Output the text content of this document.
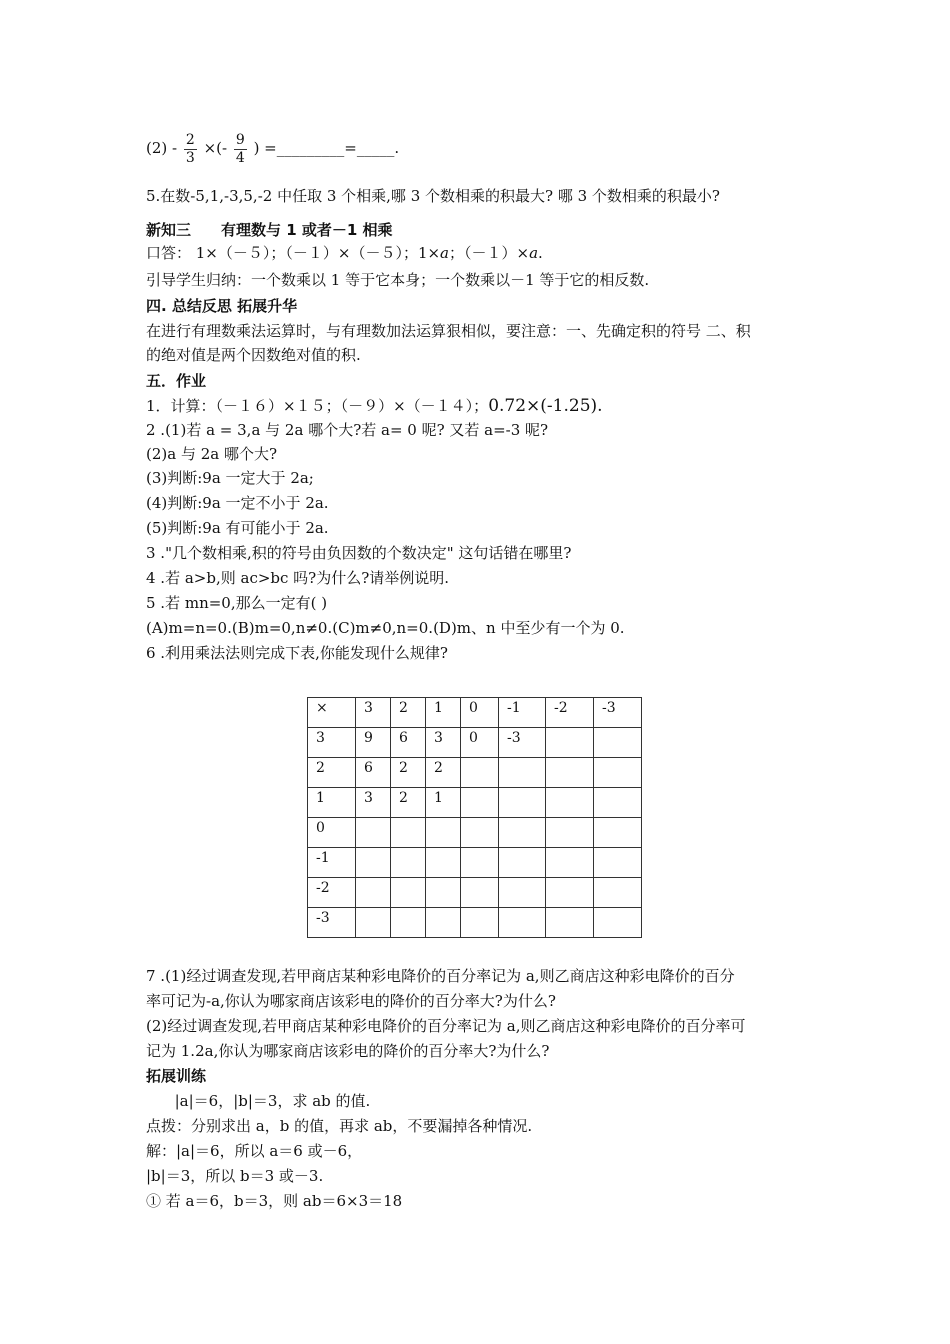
$(2) - \frac{2}{3}$ ×(- $\frac{9}{4}$ ) =_________=_____.
5.在数-5,1,-3,5,-2 中任取 3 个相乘,哪 3 个数相乘的积最大? 哪 3 个数相乘的积最小?
新知三 有理数与 1 或者－1 相乘
口答： 1×（－５）；（－１）×（－５）；1×𝑎；（－１）×𝑎.
引导学生归纳：一个数乘以 1 等于它本身；一个数乘以－1 等于它的相反数.
四. 总结反思 拓展升华
在进行有理数乘法运算时，与有理数加法运算狠相似，要注意：一、先确定积的符号 二、积
的绝对值是两个因数绝对值的积.
五．作业
1．计算：（－１６）×１５；（－９）×（－１４）；0.72×(-1.25).
2 .(1)若 a = 3,a 与 2a 哪个大?若 a= 0 呢? 又若 a=-3 呢?
(2)a 与 2a 哪个大?
(3)判断:9a 一定大于 2a;
(4)判断:9a 一定不小于 2a.
(5)判断:9a 有可能小于 2a.
3 ."几个数相乘,积的符号由负因数的个数决定" 这句话错在哪里?
4 .若 a>b,则 ac>bc 吗?为什么?请举例说明.
5 .若 mn=0,那么一定有( )
(A)m=n=0.(B)m=0,n≠0.(C)m≠0,n=0.(D)m、n 中至少有一个为 0.
6 .利用乘法法则完成下表,你能发现什么规律?
×	3	2	1	0	-1	-2	-3
3	9	6	3	0	-3		
2	6	2	2				
1	3	2	1				
0							
-1							
-2							
-3							
7 .(1)经过调查发现,若甲商店某种彩电降价的百分率记为 a,则乙商店这种彩电降价的百分
率可记为-a,你认为哪家商店该彩电的降价的百分率大?为什么?
(2)经过调查发现,若甲商店某种彩电降价的百分率记为 a,则乙商店这种彩电降价的百分率可
记为 1.2a,你认为哪家商店该彩电的降价的百分率大?为什么?
拓展训练
|a|＝6，|b|＝3，求 ab 的值.
点拨：分别求出 a，b 的值，再求 ab，不要漏掉各种情况.
解：|a|＝6，所以 a＝6 或－6，
|b|＝3，所以 b＝3 或－3.
① 若 a＝6，b＝3，则 ab＝6×3＝18
